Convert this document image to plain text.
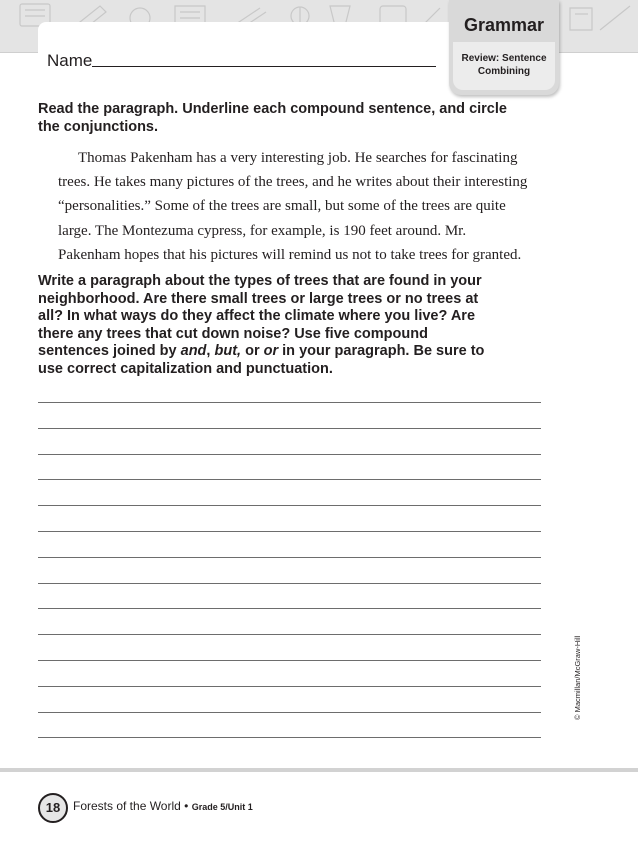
Name
Grammar
Review: Sentence
Combining
Read the paragraph. Underline each compound sentence, and circle the conjunctions.
Thomas Pakenham has a very interesting job. He searches for fascinating trees. He takes many pictures of the trees, and he writes about their interesting “personalities.” Some of the trees are small, but some of the trees are quite large. The Montezuma cypress, for example, is 190 feet around. Mr. Pakenham hopes that his pictures will remind us not to take trees for granted.
Write a paragraph about the types of trees that are found in your neighborhood. Are there small trees or large trees or no trees at all? In what ways do they affect the climate where you live? Are there any trees that cut down noise? Use five compound sentences joined by and, but, or or in your paragraph. Be sure to use correct capitalization and punctuation.
© Macmillan/McGraw-Hill
18	Forests of the World • Grade 5/Unit 1
